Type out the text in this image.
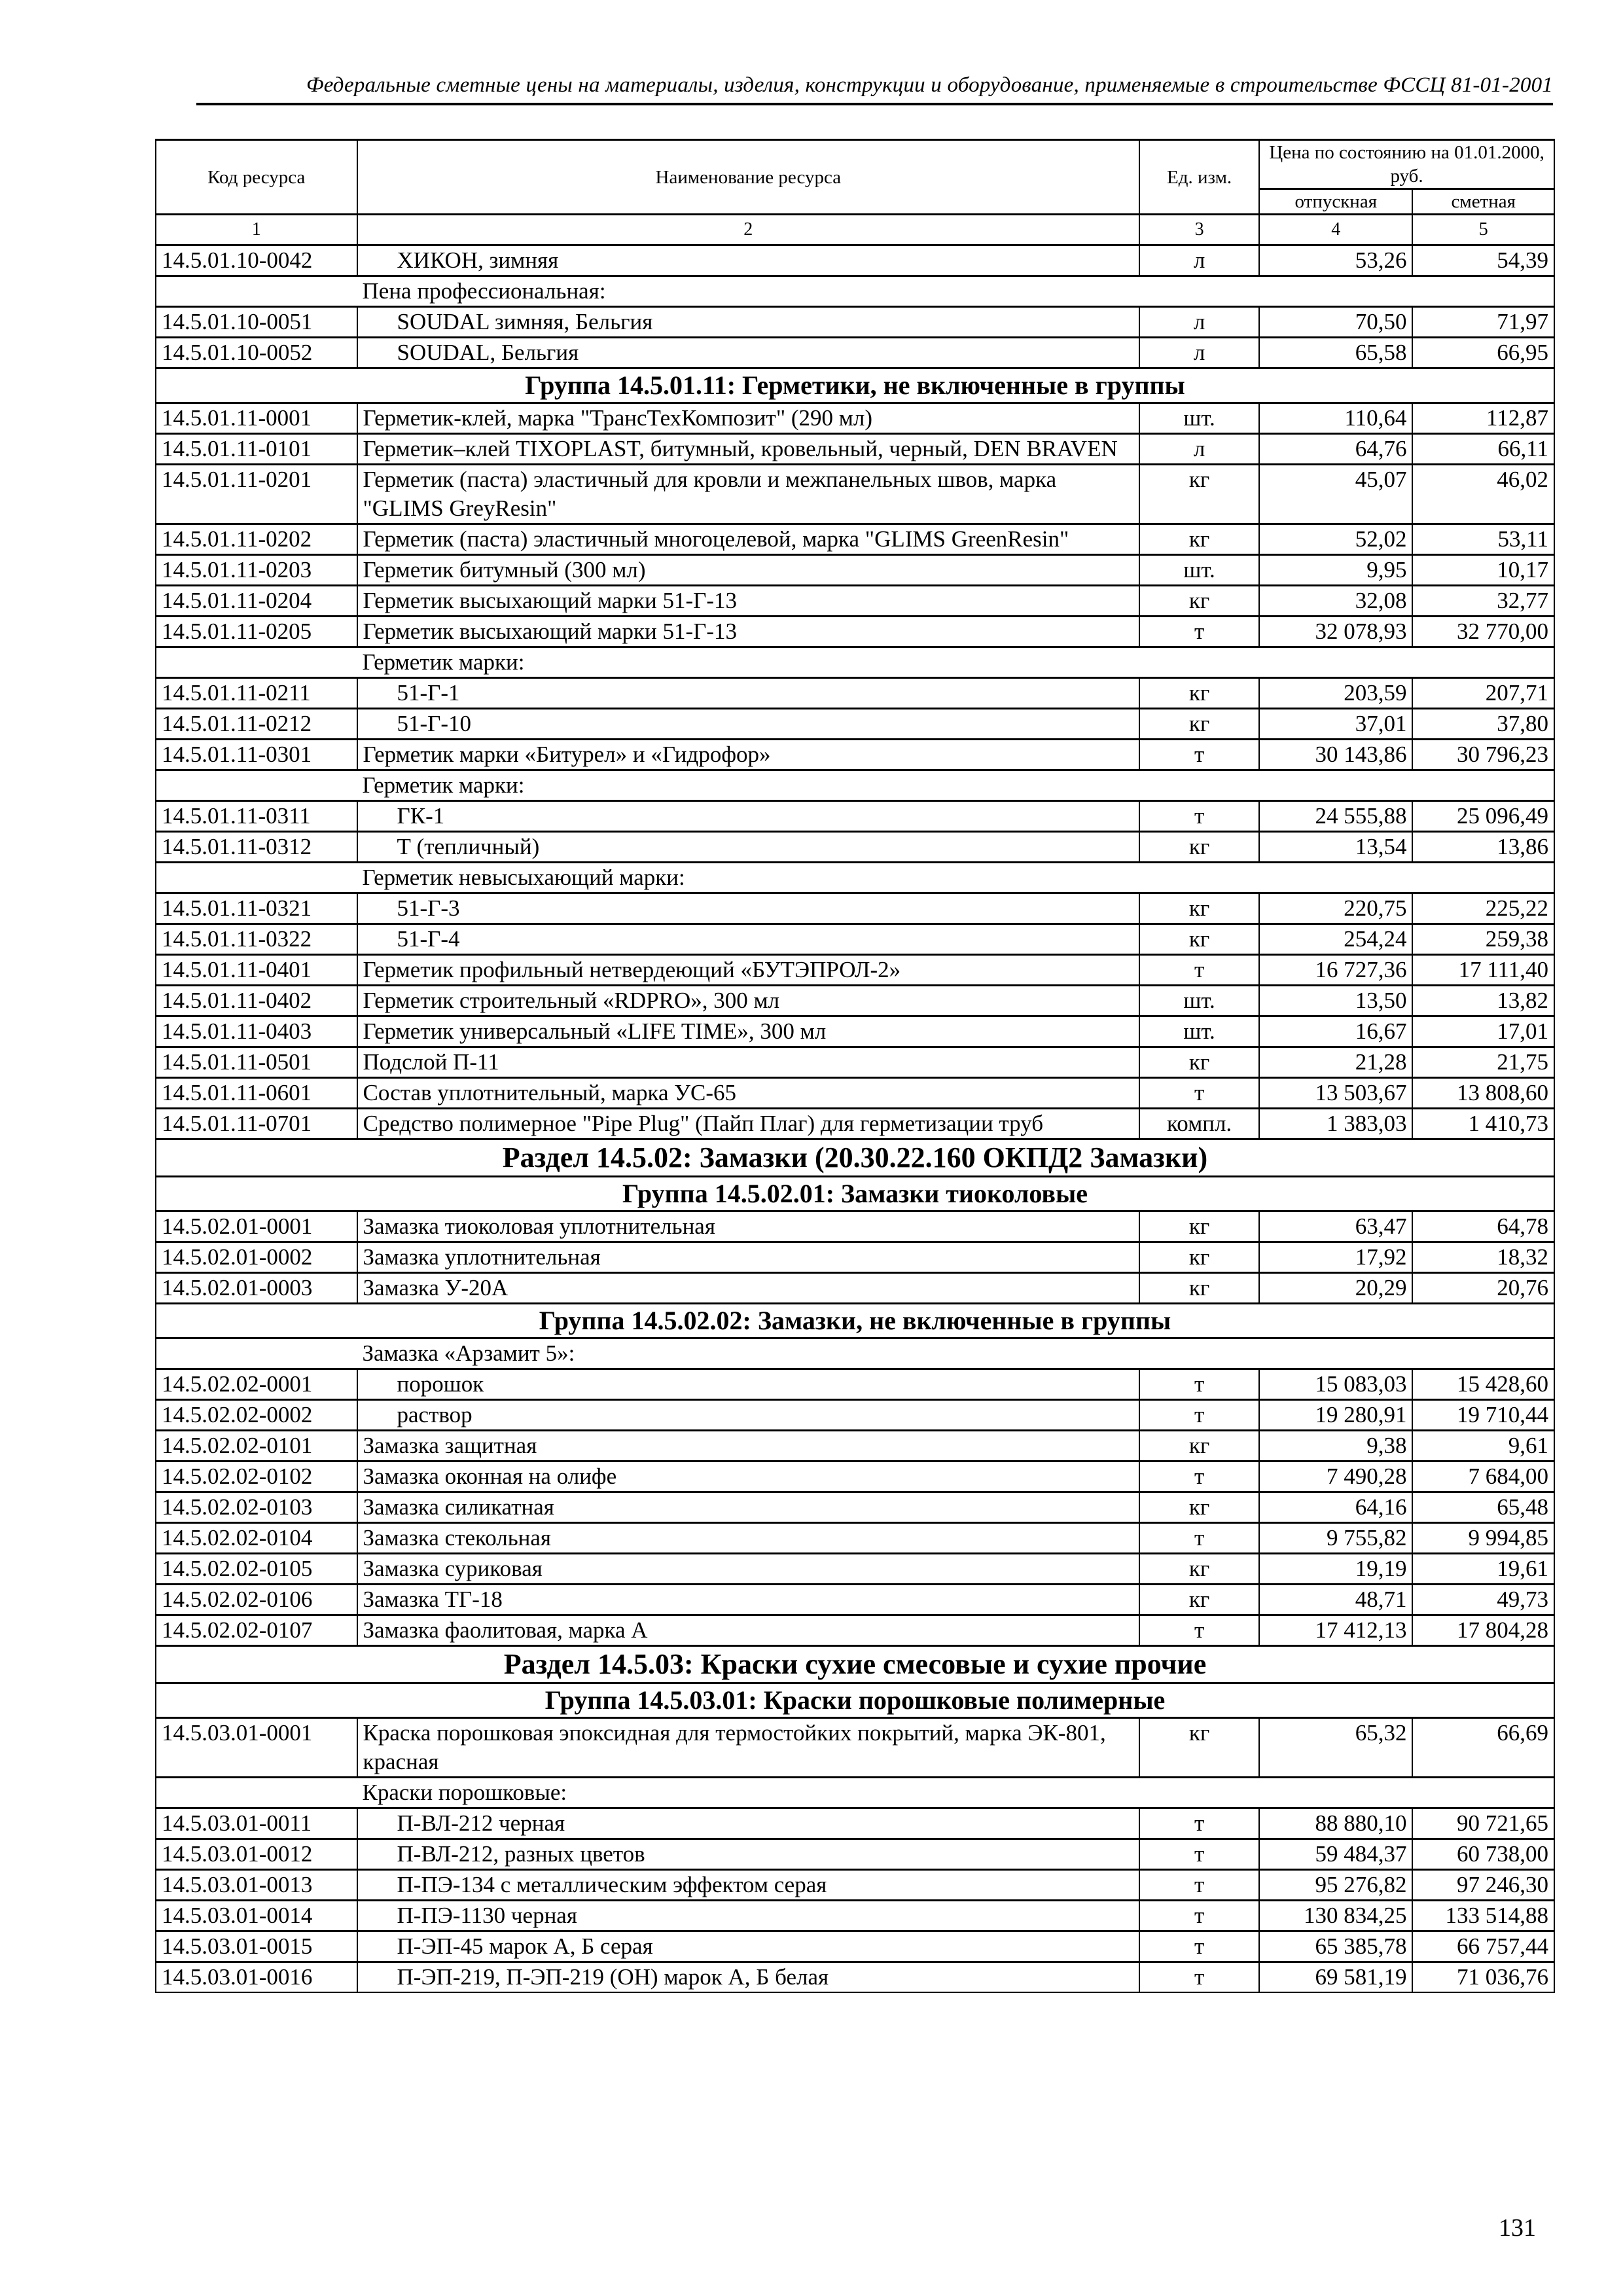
Федеральные сметные цены на материалы, изделия, конструкции и оборудование, применяемые в строительстве ФССЦ 81-01-2001
Код ресурса	Наименование ресурса	Ед. изм.	Цена по состоянию на 01.01.2000, руб.	
			отпускная	сметная
1	2	3	4	5
14.5.01.10-0042	ХИКОН, зимняя	л	53,26	54,39
	Пена профессиональная:			
14.5.01.10-0051	SOUDAL зимняя, Бельгия	л	70,50	71,97
14.5.01.10-0052	SOUDAL, Бельгия	л	65,58	66,95
Группа 14.5.01.11: Герметики, не включенные в группы				
14.5.01.11-0001	Герметик-клей, марка "ТрансТехКомпозит" (290 мл)	шт.	110,64	112,87
14.5.01.11-0101	Герметик–клей TIXOPLAST, битумный, кровельный, черный, DEN BRAVEN	л	64,76	66,11
14.5.01.11-0201	Герметик (паста) эластичный для кровли и межпанельных швов, марка "GLIMS GreyResin"	кг	45,07	46,02
14.5.01.11-0202	Герметик (паста) эластичный многоцелевой, марка "GLIMS GreenResin"	кг	52,02	53,11
14.5.01.11-0203	Герметик битумный (300 мл)	шт.	9,95	10,17
14.5.01.11-0204	Герметик высыхающий марки 51-Г-13	кг	32,08	32,77
14.5.01.11-0205	Герметик высыхающий марки 51-Г-13	т	32 078,93	32 770,00
	Герметик марки:			
14.5.01.11-0211	51-Г-1	кг	203,59	207,71
14.5.01.11-0212	51-Г-10	кг	37,01	37,80
14.5.01.11-0301	Герметик марки «Битурел» и «Гидрофор»	т	30 143,86	30 796,23
	Герметик марки:			
14.5.01.11-0311	ГК-1	т	24 555,88	25 096,49
14.5.01.11-0312	Т (тепличный)	кг	13,54	13,86
	Герметик невысыхающий марки:			
14.5.01.11-0321	51-Г-3	кг	220,75	225,22
14.5.01.11-0322	51-Г-4	кг	254,24	259,38
14.5.01.11-0401	Герметик профильный нетвердеющий «БУТЭПРОЛ-2»	т	16 727,36	17 111,40
14.5.01.11-0402	Герметик строительный «RDPRO», 300 мл	шт.	13,50	13,82
14.5.01.11-0403	Герметик универсальный «LIFE TIME», 300 мл	шт.	16,67	17,01
14.5.01.11-0501	Подслой П-11	кг	21,28	21,75
14.5.01.11-0601	Состав уплотнительный, марка УС-65	т	13 503,67	13 808,60
14.5.01.11-0701	Средство полимерное "Pipe Plug" (Пайп Плаг) для герметизации труб	компл.	1 383,03	1 410,73
Раздел 14.5.02: Замазки (20.30.22.160 ОКПД2 Замазки)				
Группа 14.5.02.01: Замазки тиоколовые				
14.5.02.01-0001	Замазка тиоколовая уплотнительная	кг	63,47	64,78
14.5.02.01-0002	Замазка уплотнительная	кг	17,92	18,32
14.5.02.01-0003	Замазка У-20А	кг	20,29	20,76
Группа 14.5.02.02: Замазки, не включенные в группы				
	Замазка «Арзамит 5»:			
14.5.02.02-0001	порошок	т	15 083,03	15 428,60
14.5.02.02-0002	раствор	т	19 280,91	19 710,44
14.5.02.02-0101	Замазка защитная	кг	9,38	9,61
14.5.02.02-0102	Замазка оконная на олифе	т	7 490,28	7 684,00
14.5.02.02-0103	Замазка силикатная	кг	64,16	65,48
14.5.02.02-0104	Замазка стекольная	т	9 755,82	9 994,85
14.5.02.02-0105	Замазка суриковая	кг	19,19	19,61
14.5.02.02-0106	Замазка ТГ-18	кг	48,71	49,73
14.5.02.02-0107	Замазка фаолитовая, марка А	т	17 412,13	17 804,28
Раздел 14.5.03: Краски сухие смесовые и сухие прочие				
Группа 14.5.03.01: Краски порошковые полимерные				
14.5.03.01-0001	Краска порошковая эпоксидная для термостойких покрытий, марка ЭК-801, красная	кг	65,32	66,69
	Краски порошковые:			
14.5.03.01-0011	П-ВЛ-212 черная	т	88 880,10	90 721,65
14.5.03.01-0012	П-ВЛ-212, разных цветов	т	59 484,37	60 738,00
14.5.03.01-0013	П-ПЭ-134 с металлическим эффектом серая	т	95 276,82	97 246,30
14.5.03.01-0014	П-ПЭ-1130 черная	т	130 834,25	133 514,88
14.5.03.01-0015	П-ЭП-45 марок А, Б серая	т	65 385,78	66 757,44
14.5.03.01-0016	П-ЭП-219, П-ЭП-219 (ОН) марок А, Б белая	т	69 581,19	71 036,76
131
